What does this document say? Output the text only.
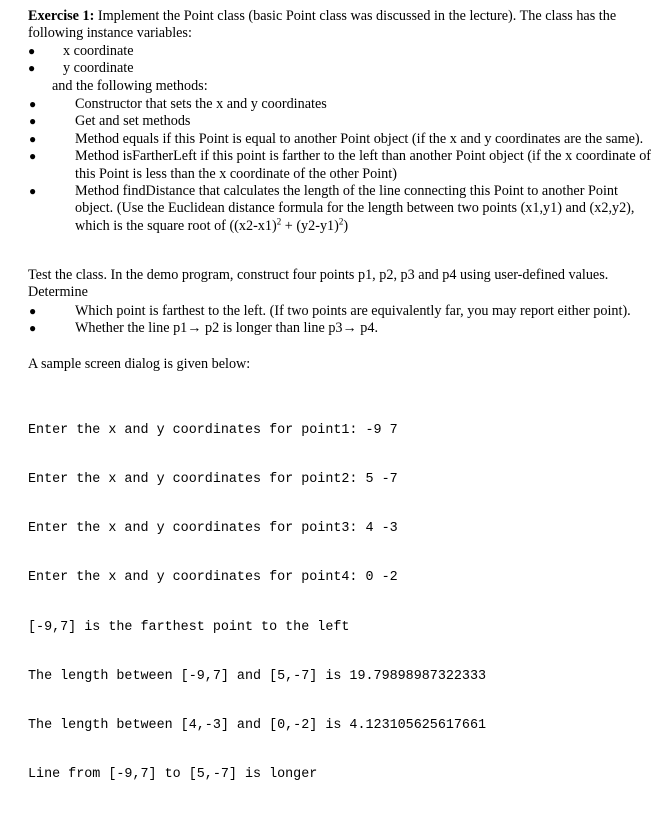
Exercise 1: Implement the Point class (basic Point class was discussed in the lecture). The class has the following instance variables:

● x coordinate
● y coordinate

and the following methods:

●	Constructor that sets the x and y coordinates
●	Get and set methods
●	Method equals if this Point is equal to another Point object (if the x and y coordinates are the same).
●	Method isFartherLeft if this point is farther to the left than another Point object (if the x coordinate of this Point is less than the x coordinate of the other Point)
●	Method findDistance that calculates the length of the line connecting this Point to another Point object. (Use the Euclidean distance formula for the length between two points (x1,y1) and (x2,y2), which is the square root of $((x2-x1)^2 + (y2-y1)^2)$

Test the class. In the demo program, construct four points p1, p2, p3 and p4 using user-defined values. Determine

●	Which point is farthest to the left. (If two points are equivalently far, you may report either point).
●	Whether the line p1→ p2 is longer than line p3→ p4.

A sample screen dialog is given below:

Enter the x and y coordinates for point1: -9 7

Enter the x and y coordinates for point2: 5 -7

Enter the x and y coordinates for point3: 4 -3

Enter the x and y coordinates for point4: 0 -2

[-9,7] is the farthest point to the left

The length between [-9,7] and [5,-7] is 19.79898987322333

The length between [4,-3] and [0,-2] is 4.123105625617661

Line from [-9,7] to [5,-7] is longer
